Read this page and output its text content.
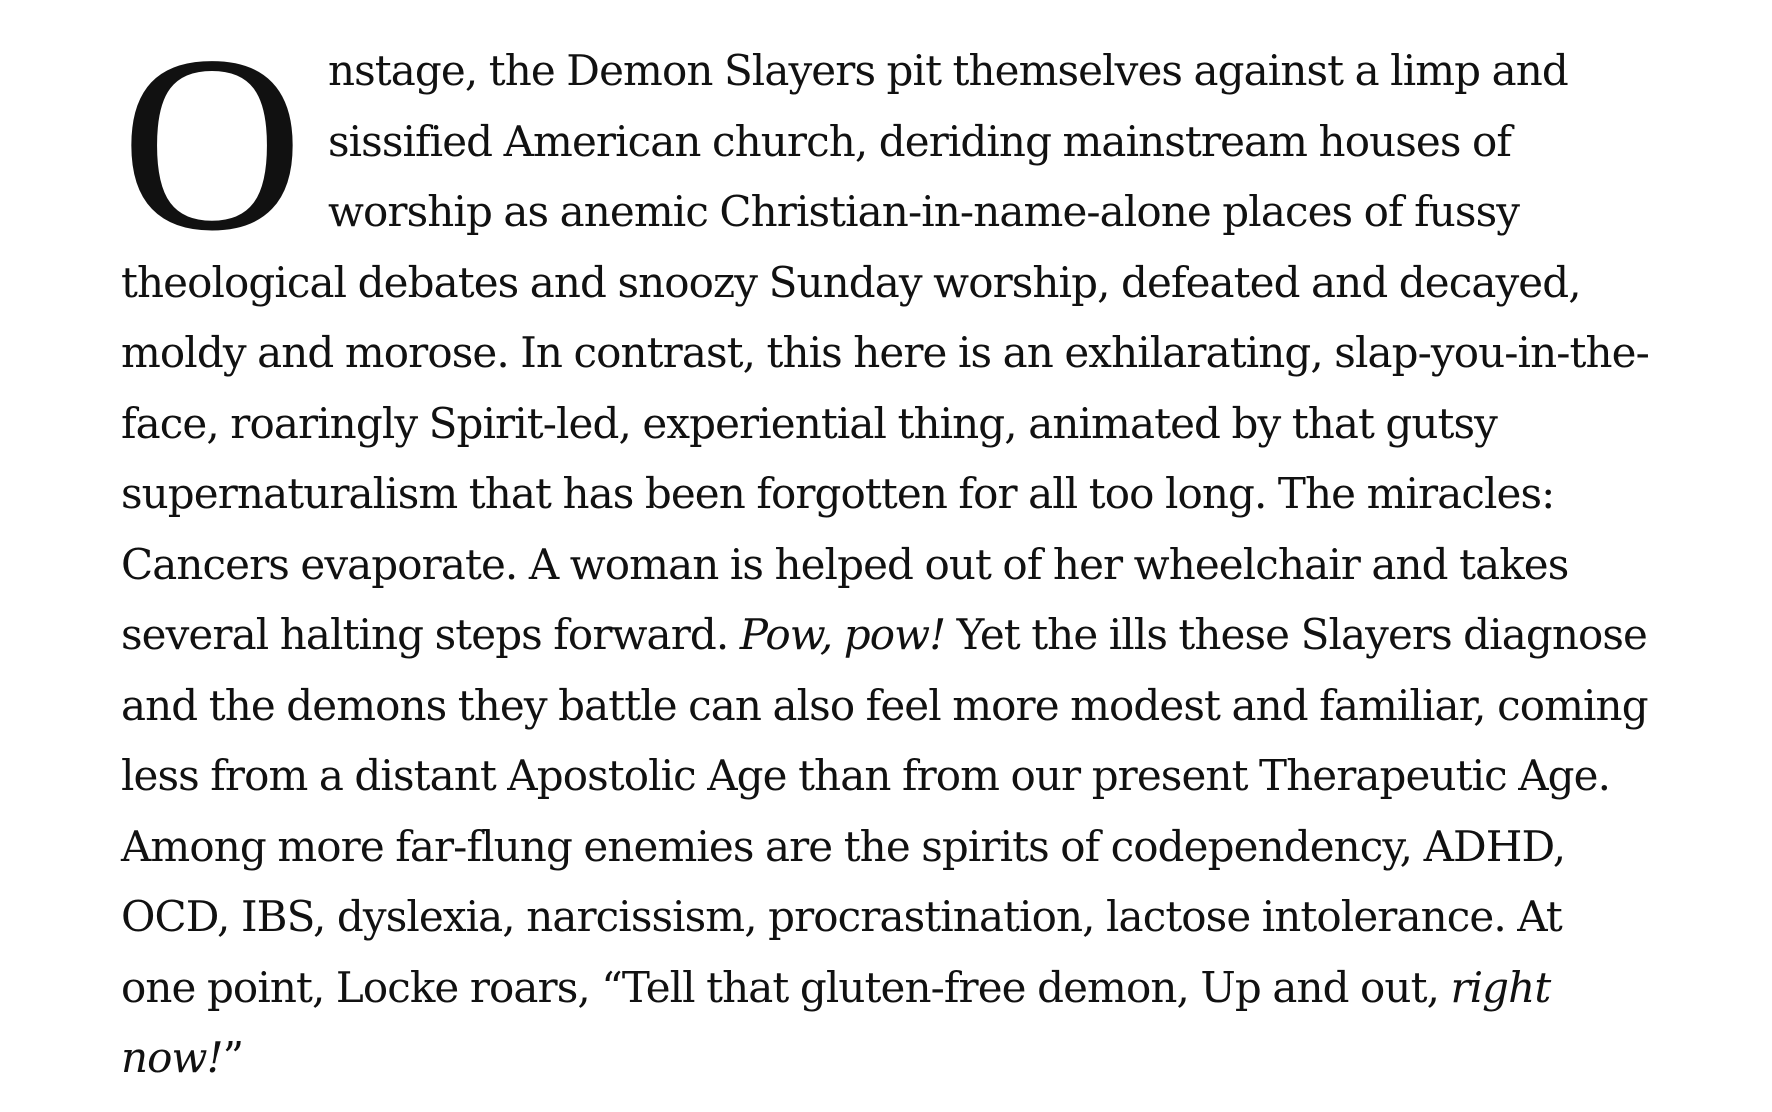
O nstage, the Demon Slayers pit themselves against a limp and
sissified American church, deriding mainstream houses of
worship as anemic Christian-in-name-alone places of fussy
theological debates and snoozy Sunday worship, defeated and decayed,
moldy and morose. In contrast, this here is an exhilarating, slap-you-in-the-
face, roaringly Spirit-led, experiential thing, animated by that gutsy
supernaturalism that has been forgotten for all too long. The miracles:
Cancers evaporate. A woman is helped out of her wheelchair and takes
several halting steps forward. Pow, pow! Yet the ills these Slayers diagnose
and the demons they battle can also feel more modest and familiar, coming
less from a distant Apostolic Age than from our present Therapeutic Age.
Among more far-flung enemies are the spirits of codependency, ADHD,
OCD, IBS, dyslexia, narcissism, procrastination, lactose intolerance. At
one point, Locke roars, “Tell that gluten-free demon, Up and out, right
now!”
